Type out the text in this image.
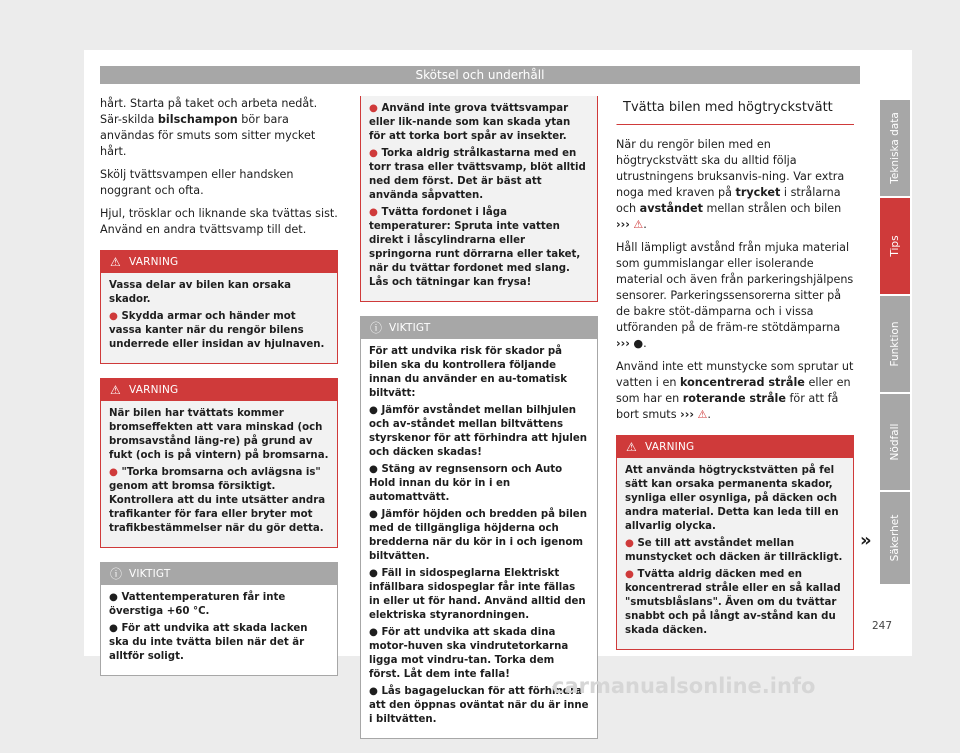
Skötsel och underhåll

hårt. Starta på taket och arbeta nedåt. Sär-skilda bilschampon bör bara användas för smuts som sitter mycket hårt.

Skölj tvättsvampen eller handsken noggrant och ofta.

Hjul, trösklar och liknande ska tvättas sist. Använd en andra tvättsvamp till det.

⚠ VARNING

Vassa delar av bilen kan orsaka skador.

● Skydda armar och händer mot vassa kanter när du rengör bilens underrede eller insidan av hjulnaven.

⚠ VARNING

När bilen har tvättats kommer bromseffekten att vara minskad (och bromsavstånd läng-re) på grund av fukt (och is på vintern) på bromsarna.

● "Torka bromsarna och avlägsna is" genom att bromsa försiktigt. Kontrollera att du inte utsätter andra trafikanter för fara eller bryter mot trafikbestämmelser när du gör detta.

ⓘ VIKTIGT

● Vattentemperaturen får inte överstiga +60 °C.

● För att undvika att skada lacken ska du inte tvätta bilen när det är alltför soligt.

● Använd inte grova tvättsvampar eller lik-nande som kan skada ytan för att torka bort spår av insekter.

● Torka aldrig strålkastarna med en torr trasa eller tvättsvamp, blöt alltid ned dem först. Det är bäst att använda såpvatten.

● Tvätta fordonet i låga temperaturer: Spruta inte vatten direkt i låscylindrarna eller springorna runt dörrarna eller taket, när du tvättar fordonet med slang. Lås och tätningar kan frysa!

ⓘ VIKTIGT

För att undvika risk för skador på bilen ska du kontrollera följande innan du använder en au-tomatisk biltvätt:

● Jämför avståndet mellan bilhjulen och av-ståndet mellan biltvättens styrskenor för att förhindra att hjulen och däcken skadas!

● Stäng av regnsensorn och Auto Hold innan du kör in i en automattvätt.

● Jämför höjden och bredden på bilen med de tillgängliga höjderna och bredderna när du kör in i och igenom biltvätten.

● Fäll in sidospeglarna Elektriskt infällbara sidospeglar får inte fällas in eller ut för hand. Använd alltid den elektriska styranordningen.

● För att undvika att skada dina motor-huven ska vindrutetorkarna ligga mot vindru-tan. Torka dem först. Låt dem inte falla!

● Lås bagageluckan för att förhindra att den öppnas oväntat när du är inne i biltvätten.

Tvätta bilen med högtryckstvätt

När du rengör bilen med en högtryckstvätt ska du alltid följa utrustningens bruksanvis-ning. Var extra noga med kraven på trycket i strålarna och avståndet mellan strålen och bilen ››› ⚠.

Håll lämpligt avstånd från mjuka material som gummislangar eller isolerande material och även från parkeringshjälpens sensorer. Parkeringssensorerna sitter på de bakre stöt-dämparna och i vissa utföranden på de främ-re stötdämparna ››› ●.

Använd inte ett munstycke som sprutar ut vatten i en koncentrerad stråle eller en som har en roterande stråle för att få bort smuts ››› ⚠.

⚠ VARNING

Att använda högtryckstvätten på fel sätt kan orsaka permanenta skador, synliga eller osynliga, på däcken och andra material. Detta kan leda till en allvarlig olycka.

● Se till att avståndet mellan munstycket och däcken är tillräckligt.

● Tvätta aldrig däcken med en koncentrerad stråle eller en så kallad "smutsblåslans". Även om du tvättar snabbt och på långt av-stånd kan du skada däcken.

»
Tekniska data
Tips
Funktion
Nödfall
Säkerhet
247
carmanualsonline.info
